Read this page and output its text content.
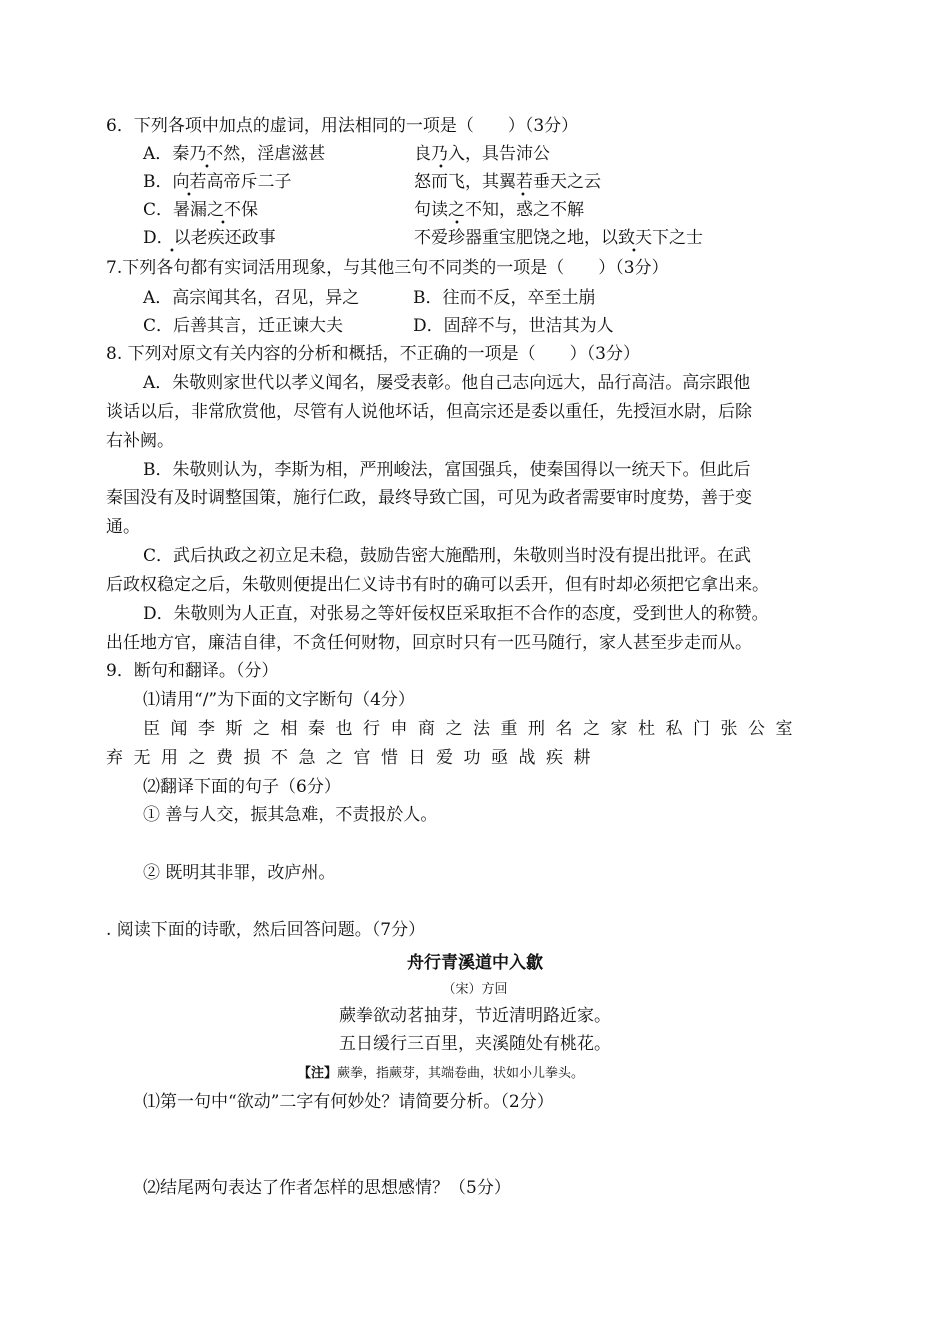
6．下列各项中加点的虚词，用法相同的一项是（　　）（3分）
A．秦乃不然，淫虐滋甚	良乃入，具告沛公
B．向若高帝斥二子	怒而飞，其翼若垂天之云
C．暑漏之不保	句读之不知，惑之不解
D．以老疾还政事	不爱珍器重宝肥饶之地，以致天下之士
•	•
•	•
•	•
•	•
7.下列各句都有实词活用现象，与其他三句不同类的一项是（　　）（3分）
A．高宗闻其名，召见，异之	B．往而不反，卒至土崩
C．后善其言，迁正谏大夫	D．固辞不与，世洁其为人
8. 下列对原文有关内容的分析和概括，不正确的一项是（　　）（3分）
A．朱敬则家世代以孝义闻名，屡受表彰。他自己志向远大，品行高洁。高宗跟他
谈话以后，非常欣赏他，尽管有人说他坏话，但高宗还是委以重任，先授洹水尉，后除
右补阙。
B．朱敬则认为，李斯为相，严刑峻法，富国强兵，使秦国得以一统天下。但此后
秦国没有及时调整国策，施行仁政，最终导致亡国，可见为政者需要审时度势，善于变
通。
C．武后执政之初立足未稳，鼓励告密大施酷刑，朱敬则当时没有提出批评。在武
后政权稳定之后，朱敬则便提出仁义诗书有时的确可以丢开，但有时却必须把它拿出来。
D．朱敬则为人正直，对张易之等奸佞权臣采取拒不合作的态度，受到世人的称赞。
出任地方官，廉洁自律，不贪任何财物，回京时只有一匹马随行，家人甚至步走而从。
9．断句和翻译。（分）
⑴请用“/”为下面的文字断句（4分）
臣闻李斯之相秦也行申商之法重刑名之家杜私门张公室
弃无用之费损不急之官惜日爱功亟战疾耕
⑵翻译下面的句子（6分）
① 善与人交，振其急难，不责报於人。
② 既明其非罪，改庐州。
. 阅读下面的诗歌，然后回答问题。（7分）
舟行青溪道中入歙
（宋）方回
蕨拳欲动茗抽芽，节近清明路近家。
五日缓行三百里，夹溪随处有桃花。
【注】蕨拳，指蕨芽，其端卷曲，状如小儿拳头。
⑴第一句中“欲动”二字有何妙处？请简要分析。（2分）
⑵结尾两句表达了作者怎样的思想感情？（5分）
